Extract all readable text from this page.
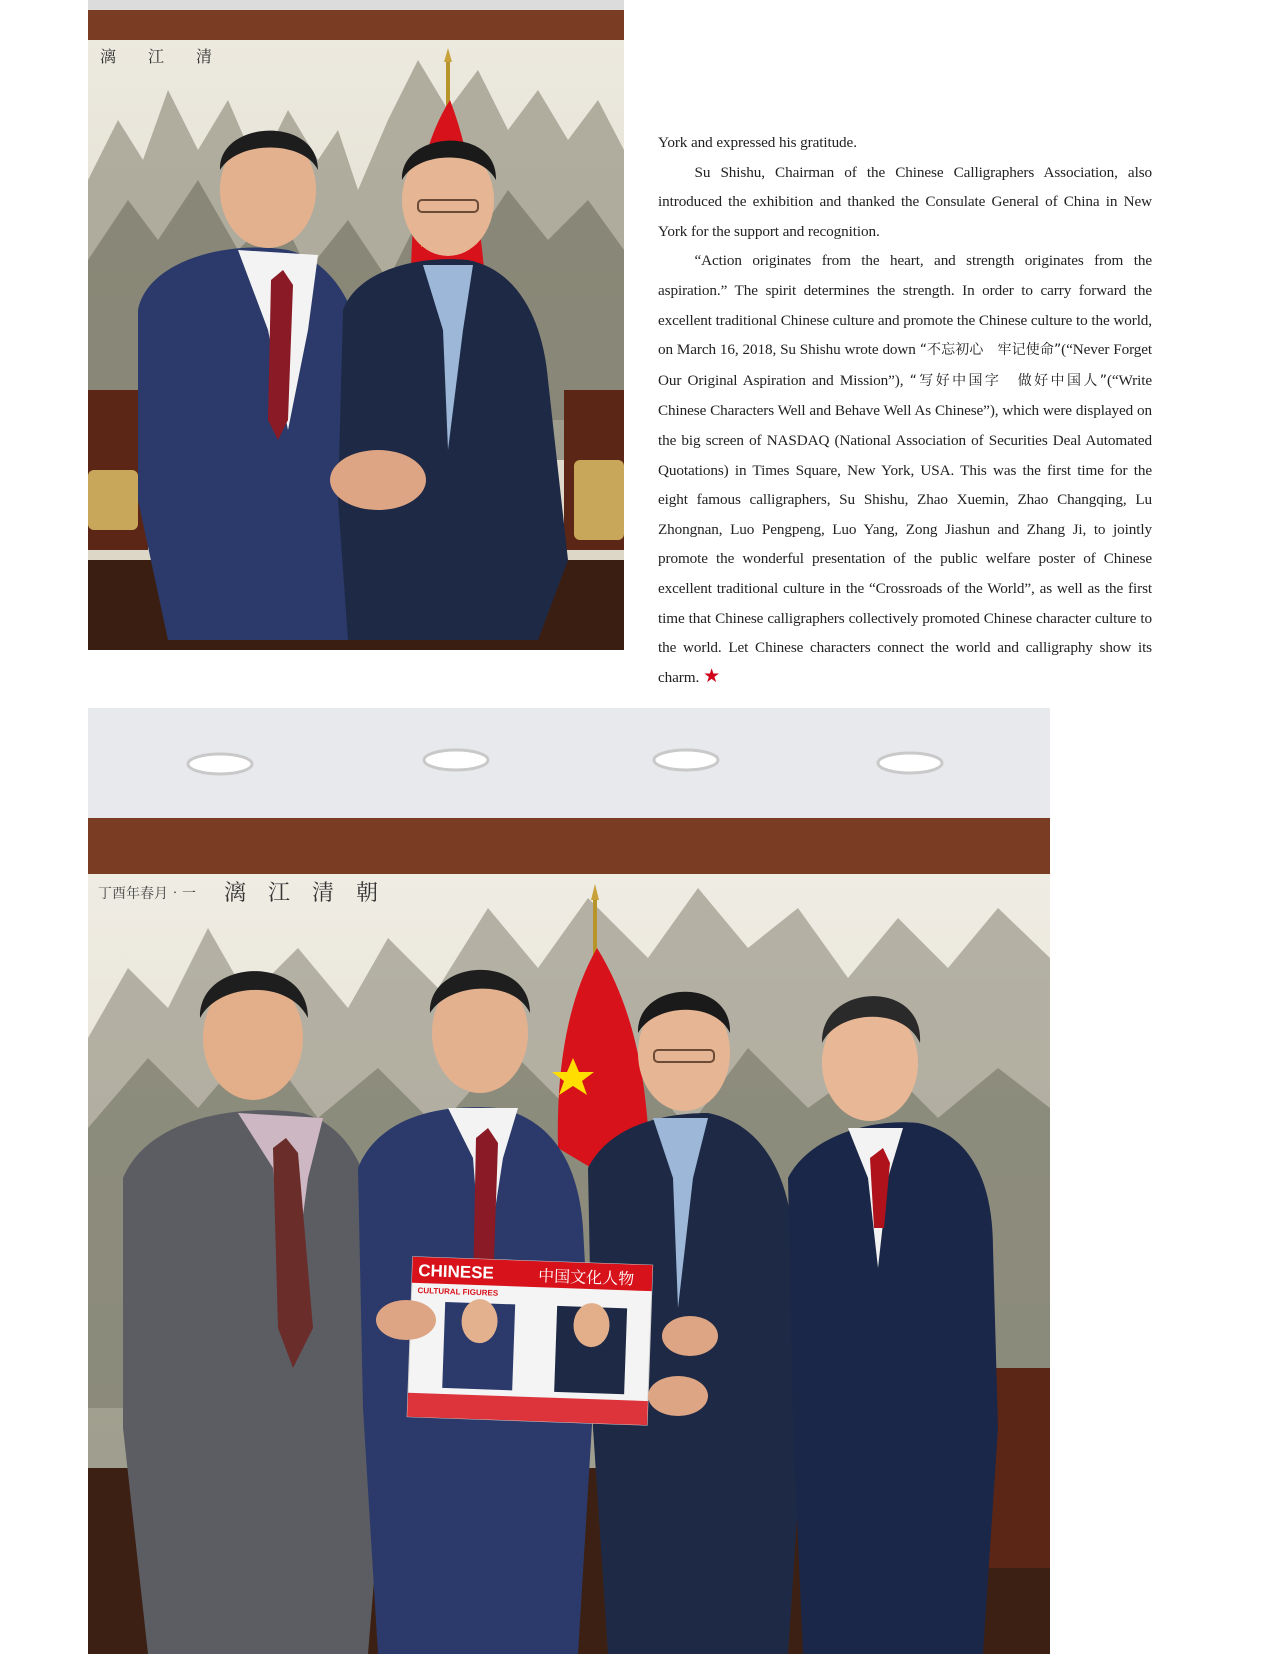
漓　　江　　清

York and expressed his gratitude.

Su Shishu, Chairman of the Chinese Calligraphers Association, also introduced the exhibition and thanked the Consulate General of China in New York for the support and recognition.

“Action originates from the heart, and strength originates from the aspiration.” The spirit determines the strength. In order to carry forward the excellent traditional Chinese culture and promote the Chinese culture to the world, on March 16, 2018, Su Shishu wrote down “不忘初心　牢记使命”(“Never Forget Our Original Aspiration and Mission”), “写好中国字　做好中国人”(“Write Chinese Characters Well and Behave Well As Chinese”), which were displayed on the big screen of NASDAQ (National Association of Securities Deal Automated Quotations) in Times Square, New York, USA. This was the first time for the eight famous calligraphers, Su Shishu, Zhao Xuemin, Zhao Changqing, Lu Zhongnan, Luo Pengpeng, Luo Yang, Zong Jiashun and Zhang Ji, to jointly promote the wonderful presentation of the public welfare poster of Chinese excellent traditional culture in the “Crossroads of the World”, as well as the first time that Chinese calligraphers collectively promoted Chinese character culture to the world. Let Chinese characters connect the world and calligraphy show its charm. ★

漓　江　清　朝
丁酉年春月‧一
CHINESE
CULTURAL FIGURES
中国文化人物
